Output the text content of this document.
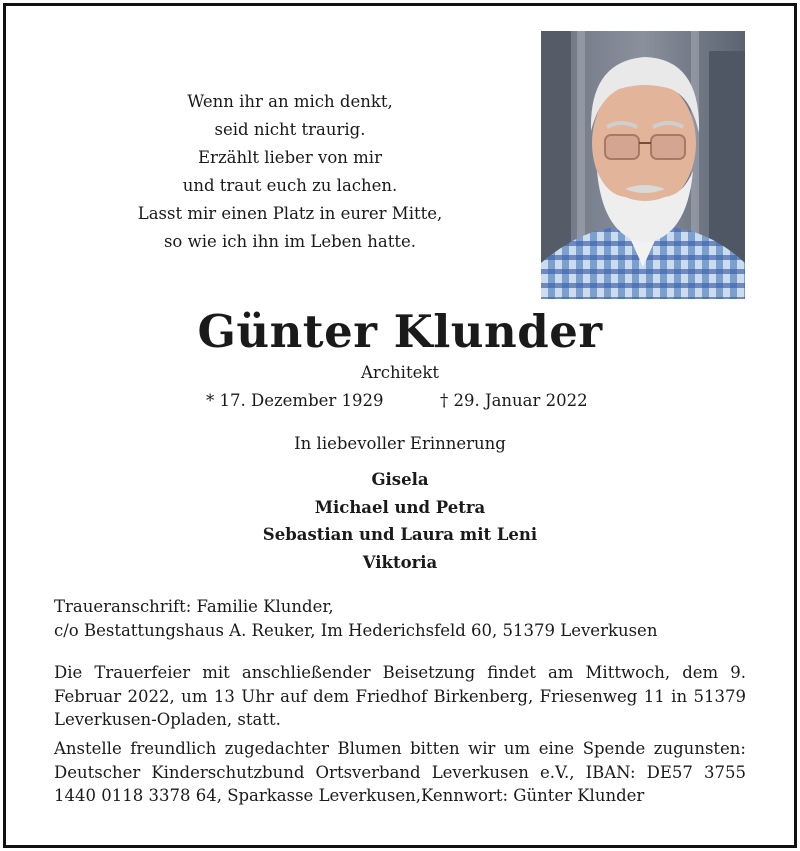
Wenn ihr an mich denkt,
seid nicht traurig.
Erzählt lieber von mir
und traut euch zu lachen.
Lasst mir einen Platz in eurer Mitte,
so wie ich ihn im Leben hatte.
Günter Klunder
Architekt
* 17. Dezember 1929	† 29. Januar 2022
In liebevoller Erinnerung
Gisela
Michael und Petra
Sebastian und Laura mit Leni
Viktoria
Traueranschrift: Familie Klunder,
c/o Bestattungshaus A. Reuker, Im Hederichsfeld 60, 51379 Leverkusen
Die Trauerfeier mit anschließender Beisetzung findet am Mittwoch, dem 9. Februar 2022, um 13 Uhr auf dem Friedhof Birkenberg, Friesenweg 11 in 51379 Leverkusen-Opladen, statt.
Anstelle freundlich zugedachter Blumen bitten wir um eine Spende zugunsten: Deutscher Kinderschutzbund Ortsverband Leverkusen e.V., IBAN: DE57 3755 1440 0118 3378 64, Sparkasse Leverkusen,Kennwort: Günter Klunder
